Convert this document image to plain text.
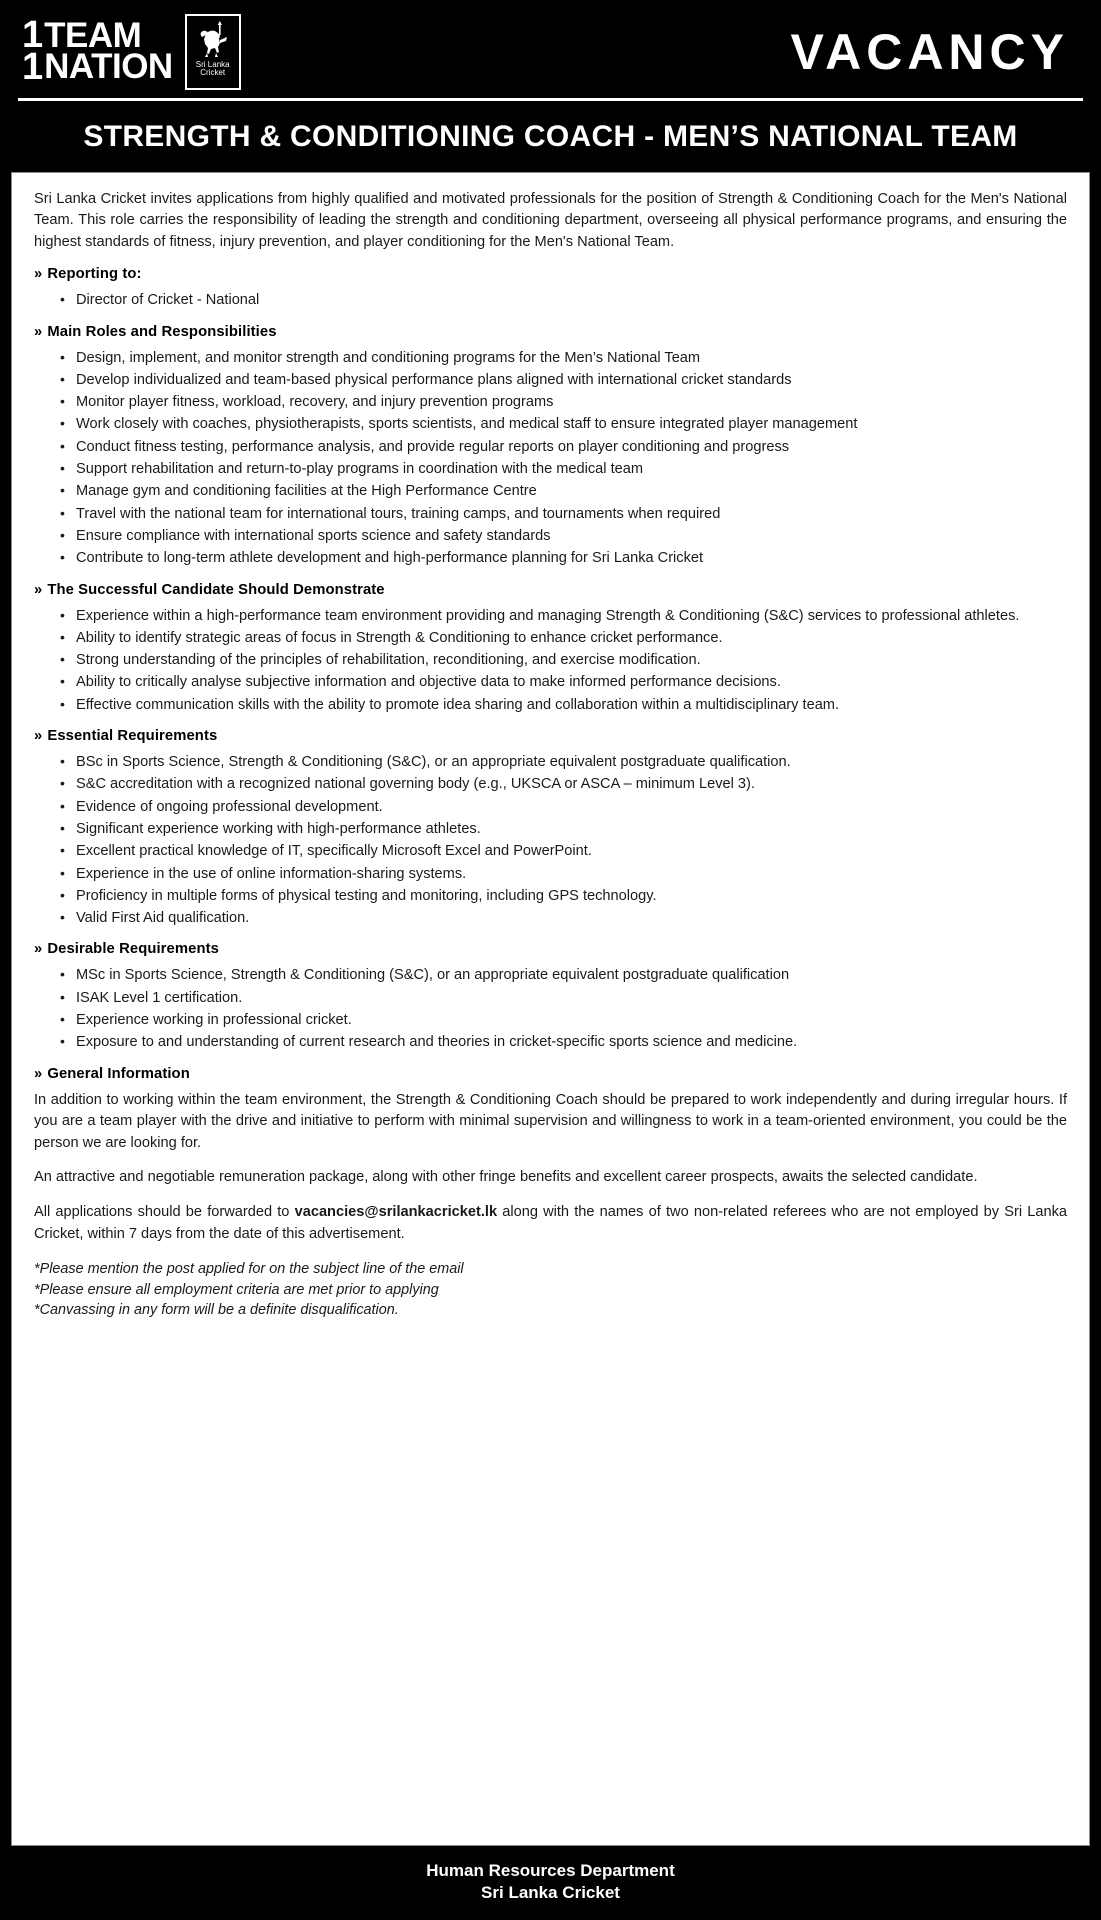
1
1
TEAM
NATION	Sri Lanka
Cricket	VACANCY
STRENGTH & CONDITIONING COACH - MEN’S NATIONAL TEAM
Sri Lanka Cricket invites applications from highly qualified and motivated professionals for the position of Strength & Conditioning Coach for the Men's National Team. This role carries the responsibility of leading the strength and conditioning department, overseeing all physical performance programs, and ensuring the highest standards of fitness, injury prevention, and player conditioning for the Men's National Team.
» Reporting to:
• Director of Cricket - National
» Main Roles and Responsibilities
• Design, implement, and monitor strength and conditioning programs for the Men’s National Team
• Develop individualized and team-based physical performance plans aligned with international cricket standards
• Monitor player fitness, workload, recovery, and injury prevention programs
• Work closely with coaches, physiotherapists, sports scientists, and medical staff to ensure integrated player management
• Conduct fitness testing, performance analysis, and provide regular reports on player conditioning and progress
• Support rehabilitation and return-to-play programs in coordination with the medical team
• Manage gym and conditioning facilities at the High Performance Centre
• Travel with the national team for international tours, training camps, and tournaments when required
• Ensure compliance with international sports science and safety standards
• Contribute to long-term athlete development and high-performance planning for Sri Lanka Cricket
» The Successful Candidate Should Demonstrate
• Experience within a high-performance team environment providing and managing Strength & Conditioning (S&C) services to professional athletes.
• Ability to identify strategic areas of focus in Strength & Conditioning to enhance cricket performance.
• Strong understanding of the principles of rehabilitation, reconditioning, and exercise modification.
• Ability to critically analyse subjective information and objective data to make informed performance decisions.
• Effective communication skills with the ability to promote idea sharing and collaboration within a multidisciplinary team.
» Essential Requirements
• BSc in Sports Science, Strength & Conditioning (S&C), or an appropriate equivalent postgraduate qualification.
• S&C accreditation with a recognized national governing body (e.g., UKSCA or ASCA – minimum Level 3).
• Evidence of ongoing professional development.
• Significant experience working with high-performance athletes.
• Excellent practical knowledge of IT, specifically Microsoft Excel and PowerPoint.
• Experience in the use of online information-sharing systems.
• Proficiency in multiple forms of physical testing and monitoring, including GPS technology.
• Valid First Aid qualification.
» Desirable Requirements
• MSc in Sports Science, Strength & Conditioning (S&C), or an appropriate equivalent postgraduate qualification
• ISAK Level 1 certification.
• Experience working in professional cricket.
• Exposure to and understanding of current research and theories in cricket-specific sports science and medicine.
» General Information
In addition to working within the team environment, the Strength & Conditioning Coach should be prepared to work independently and during irregular hours. If you are a team player with the drive and initiative to perform with minimal supervision and willingness to work in a team-oriented environment, you could be the person we are looking for.
An attractive and negotiable remuneration package, along with other fringe benefits and excellent career prospects, awaits the selected candidate.
All applications should be forwarded to vacancies@srilankacricket.lk along with the names of two non-related referees who are not employed by Sri Lanka Cricket, within 7 days from the date of this advertisement.
*Please mention the post applied for on the subject line of the email
*Please ensure all employment criteria are met prior to applying
*Canvassing in any form will be a definite disqualification.
Human Resources Department
Sri Lanka Cricket
